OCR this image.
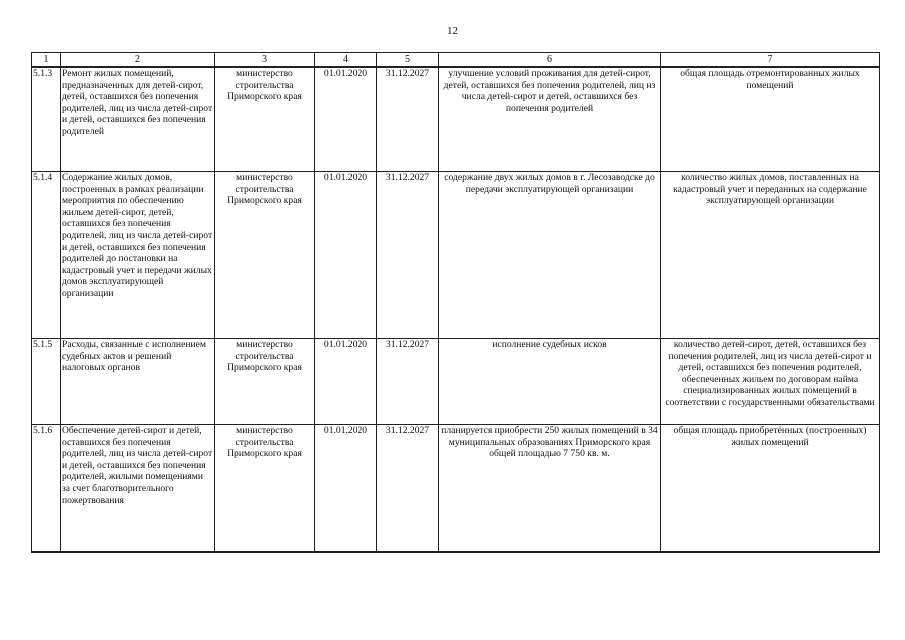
12
1	2	3	4	5	6	7
5.1.3	Ремонт жилых помещений, предназначенных для детей-сирот, детей, оставшихся без попечения родителей, лиц из числа детей-сирот и детей, оставшихся без попечения родителей	министерство строительства Приморского края	01.01.2020	31.12.2027	улучшение условий проживания для детей-сирот, детей, оставшихся без попечения родителей, лиц из числа детей-сирот и детей, оставшихся без попечения родителей	общая площадь отремонтированных жилых помещений
5.1.4	Содержание жилых домов, построенных в рамках реализации мероприятия по обеспечению жильем детей-сирот, детей, оставшихся без попечения родителей, лиц из числа детей-сирот и детей, оставшихся без попечения родителей до постановки на кадастровый учет и передачи жилых домов эксплуатирующей организации	министерство строительства Приморского края	01.01.2020	31.12.2027	содержание двух жилых домов в г. Лесозаводске до передачи эксплуатирующей организации	количество жилых домов, поставленных на кадастровый учет и переданных на содержание эксплуатирующей организации
5.1.5	Расходы, связанные с исполнением судебных актов и решений налоговых органов	министерство строительства Приморского края	01.01.2020	31.12.2027	исполнение судебных исков	количество детей-сирот, детей, оставшихся без попечения родителей, лиц из числа детей-сирот и детей, оставшихся без попечения родителей, обеспеченных жильем по договорам найма специализированных жилых помещений в соответствии с государственными обязательствами
5.1.6	Обеспечение детей-сирот и детей, оставшихся без попечения родителей, лиц из числа детей-сирот и детей, оставшихся без попечения родителей, жилыми помещениями за счет благотворительного пожертвования	министерство строительства Приморского края	01.01.2020	31.12.2027	планируется приобрести 250 жилых помещений в 34 муниципальных образованиях Приморского края общей площадью 7 750 кв. м.	общая площадь приобретённых (построенных) жилых помещений
